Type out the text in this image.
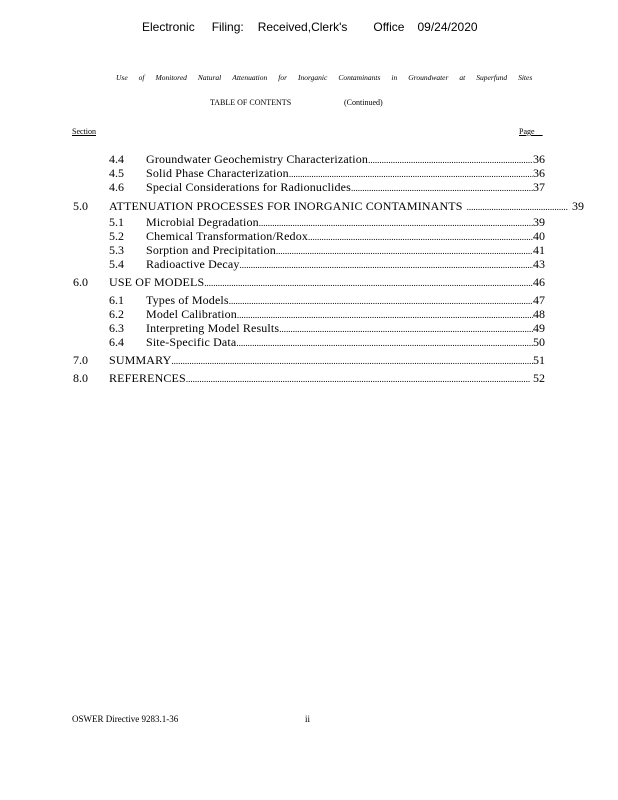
Electronic Filing: Received,Clerk's Office 09/24/2020
Use of Monitored Natural Attenuation for Inorganic Contaminants in Groundwater at Superfund Sites
TABLE OF CONTENTS	(Continued)
Section	Page
4.4	Groundwater Geochemistry Characterization .....	36
4.5	Solid Phase Characterization .....	36
4.6	Special Considerations for Radionuclides .....	37
5.0	ATTENUATION PROCESSES FOR INORGANIC CONTAMINANTS .....	39
5.1	Microbial Degradation .....	39
5.2	Chemical Transformation/Redox .....	40
5.3	Sorption and Precipitation .....	41
5.4	Radioactive Decay .....	43
6.0	USE OF MODELS .....	46
6.1	Types of Models .....	47
6.2	Model Calibration .....	48
6.3	Interpreting Model Results .....	49
6.4	Site-Specific Data .....	50
7.0	SUMMARY .....	51
8.0	REFERENCES .....	52
OSWER Directive 9283.1-36	ii
